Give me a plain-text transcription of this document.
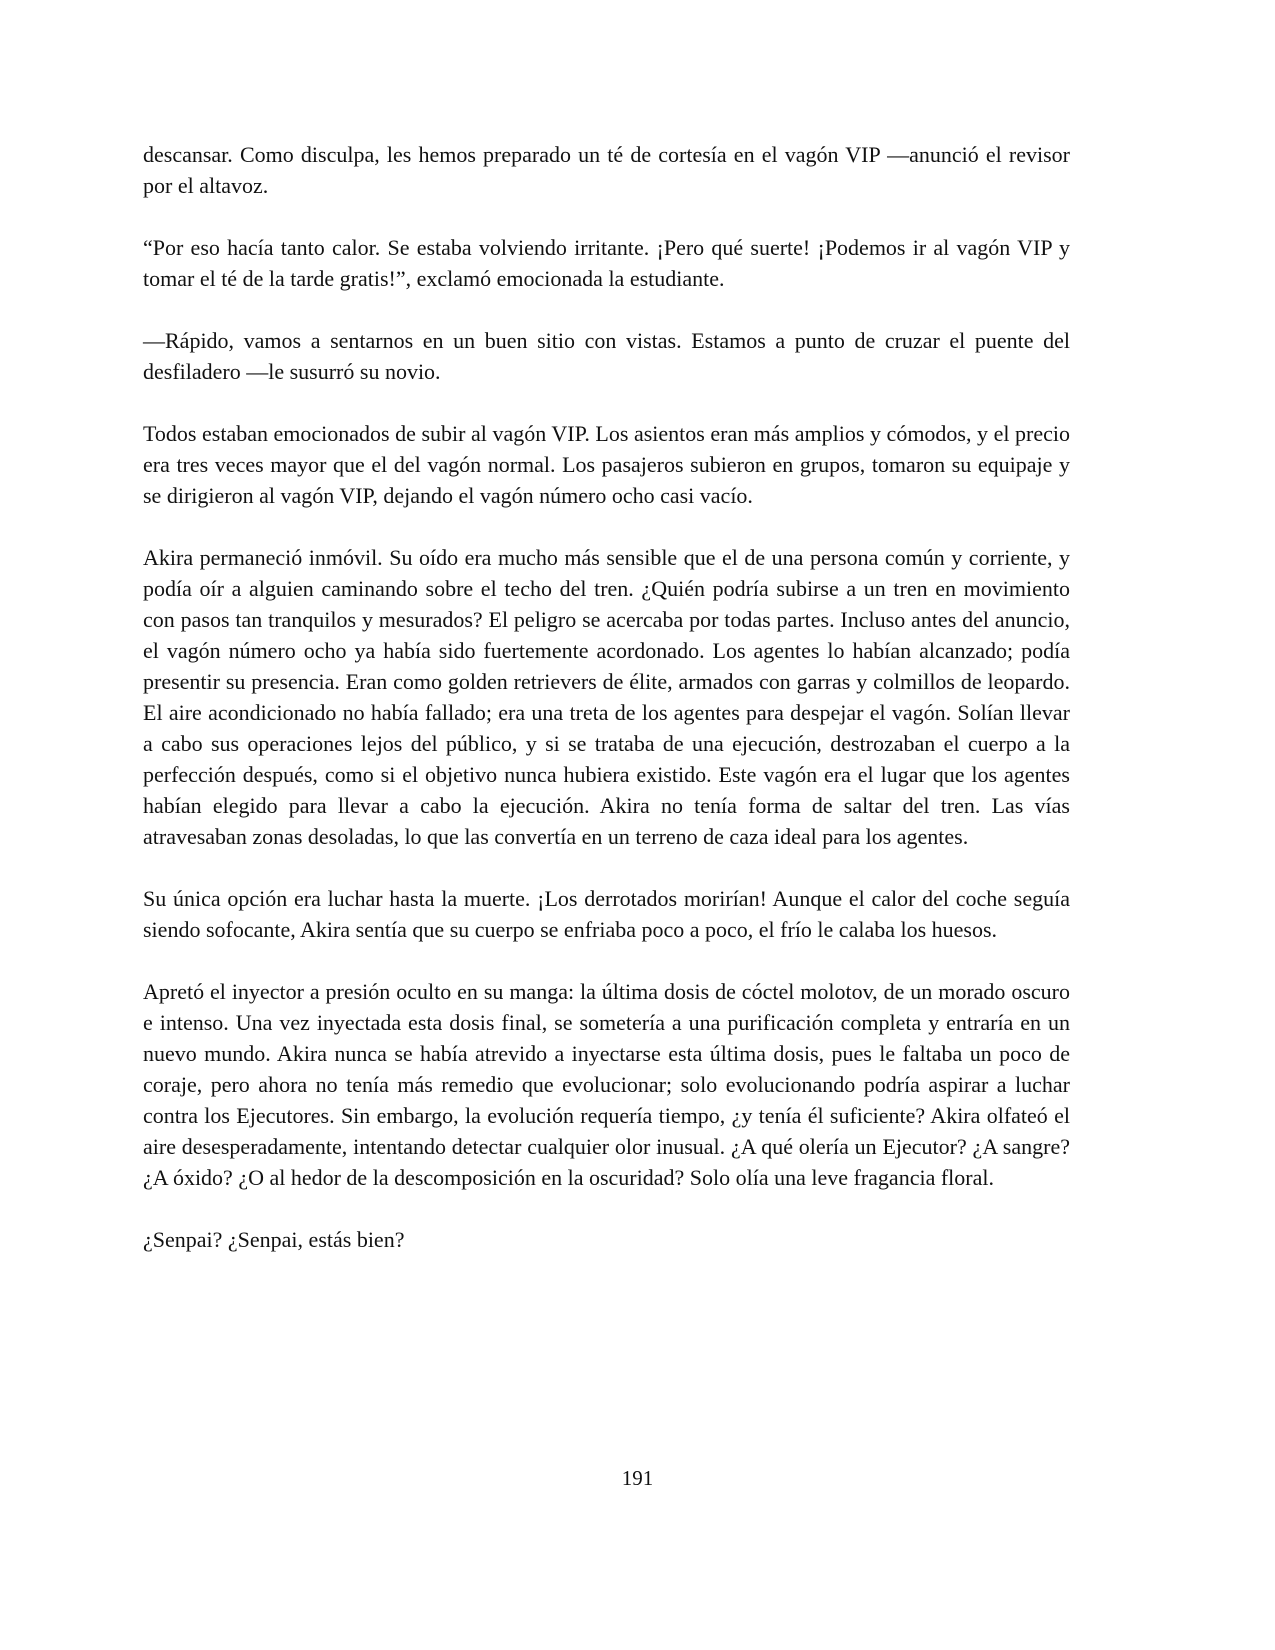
descansar. Como disculpa, les hemos preparado un té de cortesía en el vagón VIP —anunció el revisor por el altavoz.

“Por eso hacía tanto calor. Se estaba volviendo irritante. ¡Pero qué suerte! ¡Podemos ir al vagón VIP y tomar el té de la tarde gratis!”, exclamó emocionada la estudiante.

—Rápido, vamos a sentarnos en un buen sitio con vistas. Estamos a punto de cruzar el puente del desfiladero —le susurró su novio.

Todos estaban emocionados de subir al vagón VIP. Los asientos eran más amplios y cómodos, y el precio era tres veces mayor que el del vagón normal. Los pasajeros subieron en grupos, tomaron su equipaje y se dirigieron al vagón VIP, dejando el vagón número ocho casi vacío.

Akira permaneció inmóvil. Su oído era mucho más sensible que el de una persona común y corriente, y podía oír a alguien caminando sobre el techo del tren. ¿Quién podría subirse a un tren en movimiento con pasos tan tranquilos y mesurados? El peligro se acercaba por todas partes. Incluso antes del anuncio, el vagón número ocho ya había sido fuertemente acordonado. Los agentes lo habían alcanzado; podía presentir su presencia. Eran como golden retrievers de élite, armados con garras y colmillos de leopardo. El aire acondicionado no había fallado; era una treta de los agentes para despejar el vagón. Solían llevar a cabo sus operaciones lejos del público, y si se trataba de una ejecución, destrozaban el cuerpo a la perfección después, como si el objetivo nunca hubiera existido. Este vagón era el lugar que los agentes habían elegido para llevar a cabo la ejecución. Akira no tenía forma de saltar del tren. Las vías atravesaban zonas desoladas, lo que las convertía en un terreno de caza ideal para los agentes.

Su única opción era luchar hasta la muerte. ¡Los derrotados morirían! Aunque el calor del coche seguía siendo sofocante, Akira sentía que su cuerpo se enfriaba poco a poco, el frío le calaba los huesos.

Apretó el inyector a presión oculto en su manga: la última dosis de cóctel molotov, de un morado oscuro e intenso. Una vez inyectada esta dosis final, se sometería a una purificación completa y entraría en un nuevo mundo. Akira nunca se había atrevido a inyectarse esta última dosis, pues le faltaba un poco de coraje, pero ahora no tenía más remedio que evolucionar; solo evolucionando podría aspirar a luchar contra los Ejecutores. Sin embargo, la evolución requería tiempo, ¿y tenía él suficiente? Akira olfateó el aire desesperadamente, intentando detectar cualquier olor inusual. ¿A qué olería un Ejecutor? ¿A sangre? ¿A óxido? ¿O al hedor de la descomposición en la oscuridad? Solo olía una leve fragancia floral.

¿Senpai? ¿Senpai, estás bien?

191
